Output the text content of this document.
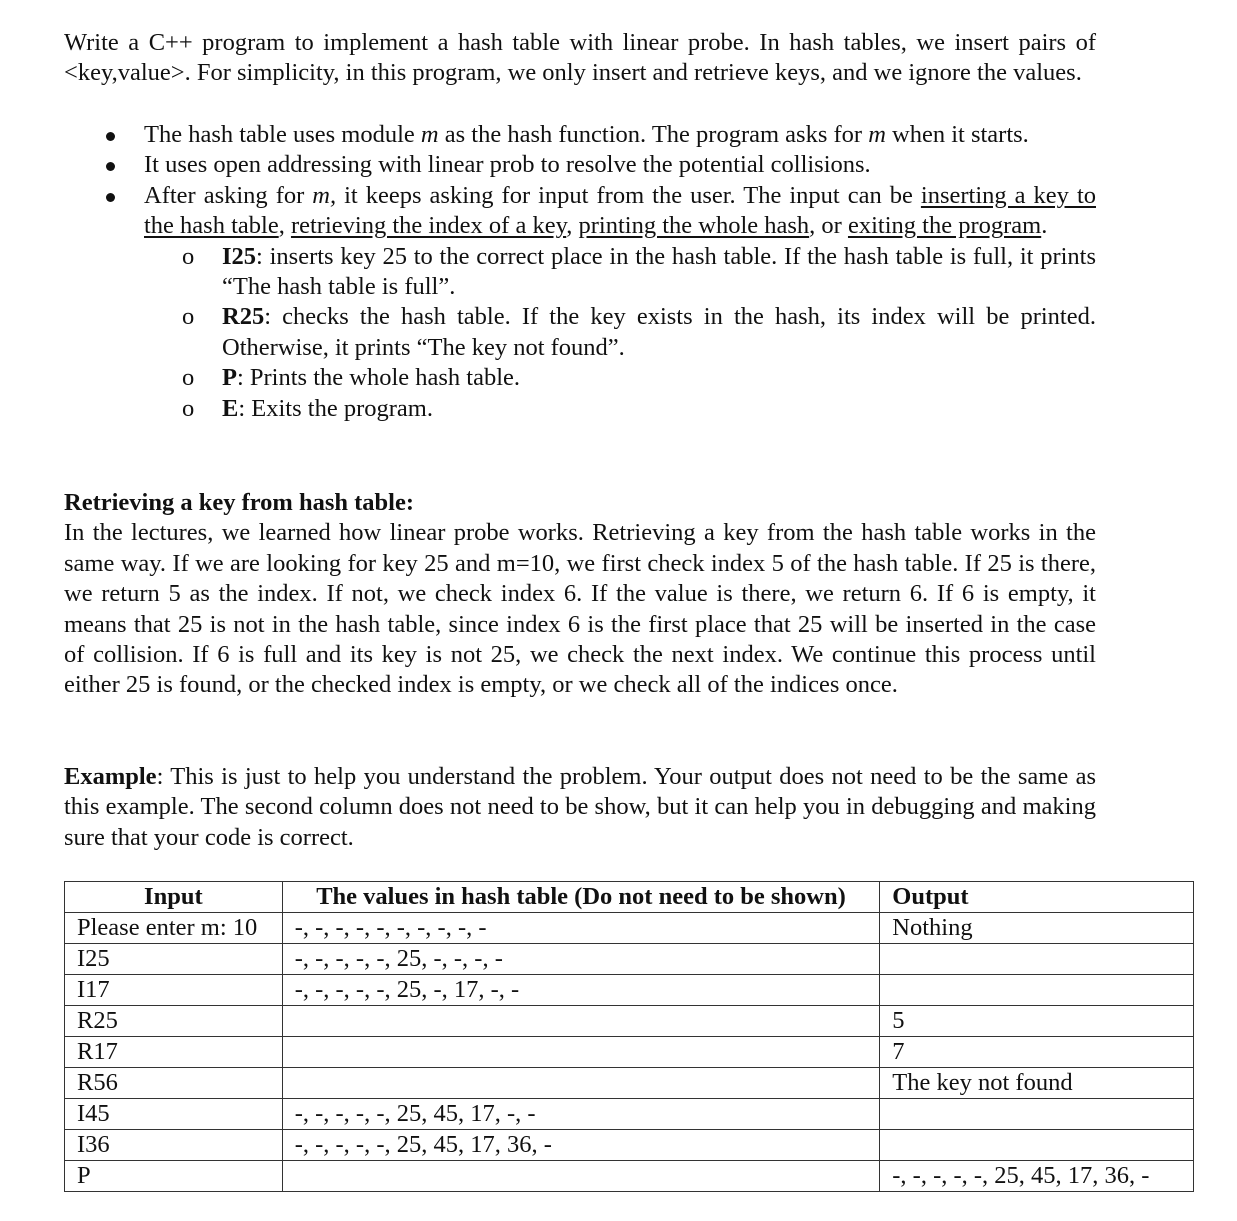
Write a C++ program to implement a hash table with linear probe. In hash tables, we insert pairs of <key,value>. For simplicity, in this program, we only insert and retrieve keys, and we ignore the values.

The hash table uses module m as the hash function. The program asks for m when it starts.
It uses open addressing with linear prob to resolve the potential collisions.
After asking for m, it keeps asking for input from the user. The input can be inserting a key to the hash table, retrieving the index of a key, printing the whole hash, or exiting the program.
o I25: inserts key 25 to the correct place in the hash table. If the hash table is full, it prints “The hash table is full”.
o R25: checks the hash table. If the key exists in the hash, its index will be printed. Otherwise, it prints “The key not found”.
o P: Prints the whole hash table.
o E: Exits the program.

Retrieving a key from hash table:

In the lectures, we learned how linear probe works. Retrieving a key from the hash table works in the same way. If we are looking for key 25 and m=10, we first check index 5 of the hash table. If 25 is there, we return 5 as the index. If not, we check index 6. If the value is there, we return 6. If 6 is empty, it means that 25 is not in the hash table, since index 6 is the first place that 25 will be inserted in the case of collision. If 6 is full and its key is not 25, we check the next index. We continue this process until either 25 is found, or the checked index is empty, or we check all of the indices once.

Example: This is just to help you understand the problem. Your output does not need to be the same as this example. The second column does not need to be show, but it can help you in debugging and making sure that your code is correct.

Input	The values in hash table (Do not need to be shown)	Output
Please enter m: 10	-, -, -, -, -, -, -, -, -, -	Nothing
I25	-, -, -, -, -, 25, -, -, -, -	
I17	-, -, -, -, -, 25, -, 17, -, -	
R25		5
R17		7
R56		The key not found
I45	-, -, -, -, -, 25, 45, 17, -, -	
I36	-, -, -, -, -, 25, 45, 17, 36, -	
P		-, -, -, -, -, 25, 45, 17, 36, -
